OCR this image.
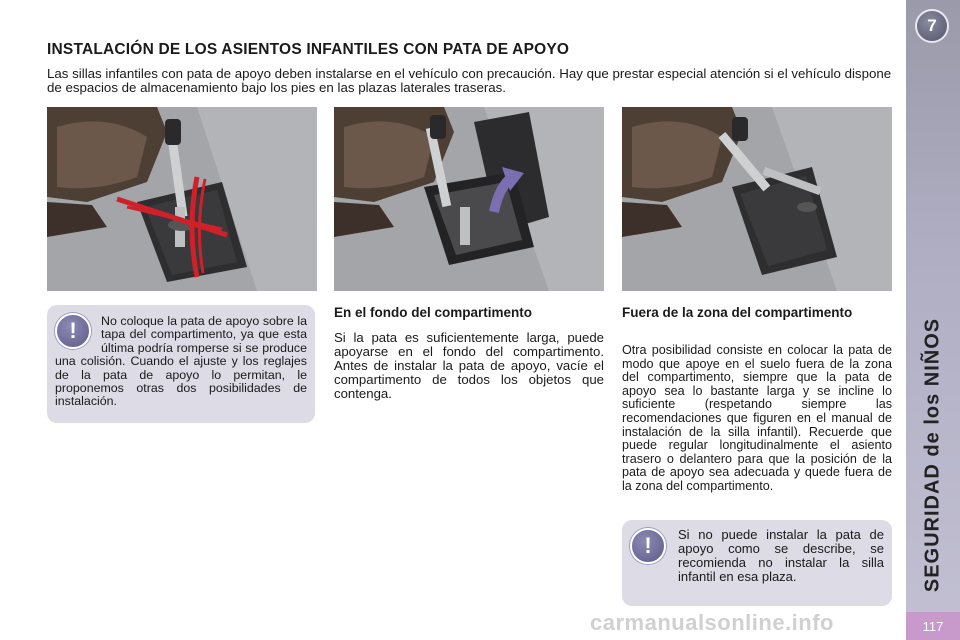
7
SEGURIDAD de los NIÑOS
117
INSTALACIÓN DE LOS ASIENTOS INFANTILES CON PATA DE APOYO
Las sillas infantiles con pata de apoyo deben instalarse en el vehículo con precaución. Hay que prestar especial atención si el vehículo dispone de espacios de almacenamiento bajo los pies en las plazas laterales traseras.
!	No coloque la pata de apoyo sobre la tapa del compartimento, ya que esta última podría romperse si se produce una colisión. Cuando el ajuste y los reglajes de la pata de apoyo lo permitan, le proponemos otras dos posibilidades de instalación.
En el fondo del compartimento
Si la pata es suficientemente larga, puede apoyarse en el fondo del compartimento. Antes de instalar la pata de apoyo, vacíe el compartimento de todos los objetos que contenga.
Fuera de la zona del compartimento
Otra posibilidad consiste en colocar la pata de modo que apoye en el suelo fuera de la zona del compartimento, siempre que la pata de apoyo sea lo bastante larga y se incline lo suficiente (respetando siempre las recomendaciones que figuren en el manual de instalación de la silla infantil). Recuerde que puede regular longitudinalmente el asiento trasero o delantero para que la posición de la pata de apoyo sea adecuada y quede fuera de la zona del compartimento.
!	Si no puede instalar la pata de apoyo como se describe, se recomienda no instalar la silla infantil en esa plaza.
carmanualsonline.info
